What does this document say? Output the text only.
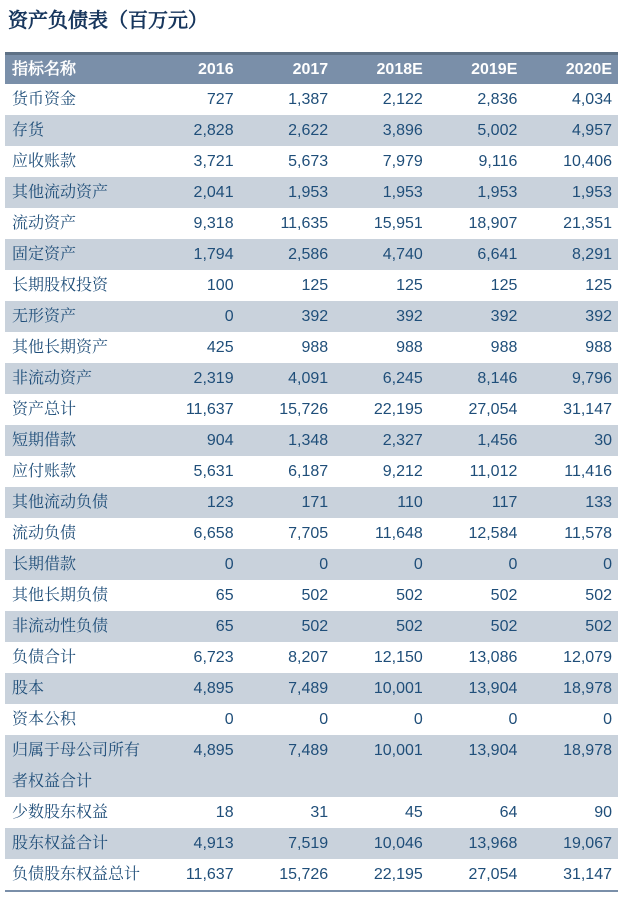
资产负债表（百万元）
指标名称	2016	2017	2018E	2019E	2020E
货币资金	727	1,387	2,122	2,836	4,034
存货	2,828	2,622	3,896	5,002	4,957
应收账款	3,721	5,673	7,979	9,116	10,406
其他流动资产	2,041	1,953	1,953	1,953	1,953
流动资产	9,318	11,635	15,951	18,907	21,351
固定资产	1,794	2,586	4,740	6,641	8,291
长期股权投资	100	125	125	125	125
无形资产	0	392	392	392	392
其他长期资产	425	988	988	988	988
非流动资产	2,319	4,091	6,245	8,146	9,796
资产总计	11,637	15,726	22,195	27,054	31,147
短期借款	904	1,348	2,327	1,456	30
应付账款	5,631	6,187	9,212	11,012	11,416
其他流动负债	123	171	110	117	133
流动负债	6,658	7,705	11,648	12,584	11,578
长期借款	0	0	0	0	0
其他长期负债	65	502	502	502	502
非流动性负债	65	502	502	502	502
负债合计	6,723	8,207	12,150	13,086	12,079
股本	4,895	7,489	10,001	13,904	18,978
资本公积	0	0	0	0	0
归属于母公司所有者权益合计	4,895	7,489	10,001	13,904	18,978
少数股东权益	18	31	45	64	90
股东权益合计	4,913	7,519	10,046	13,968	19,067
负债股东权益总计	11,637	15,726	22,195	27,054	31,147
